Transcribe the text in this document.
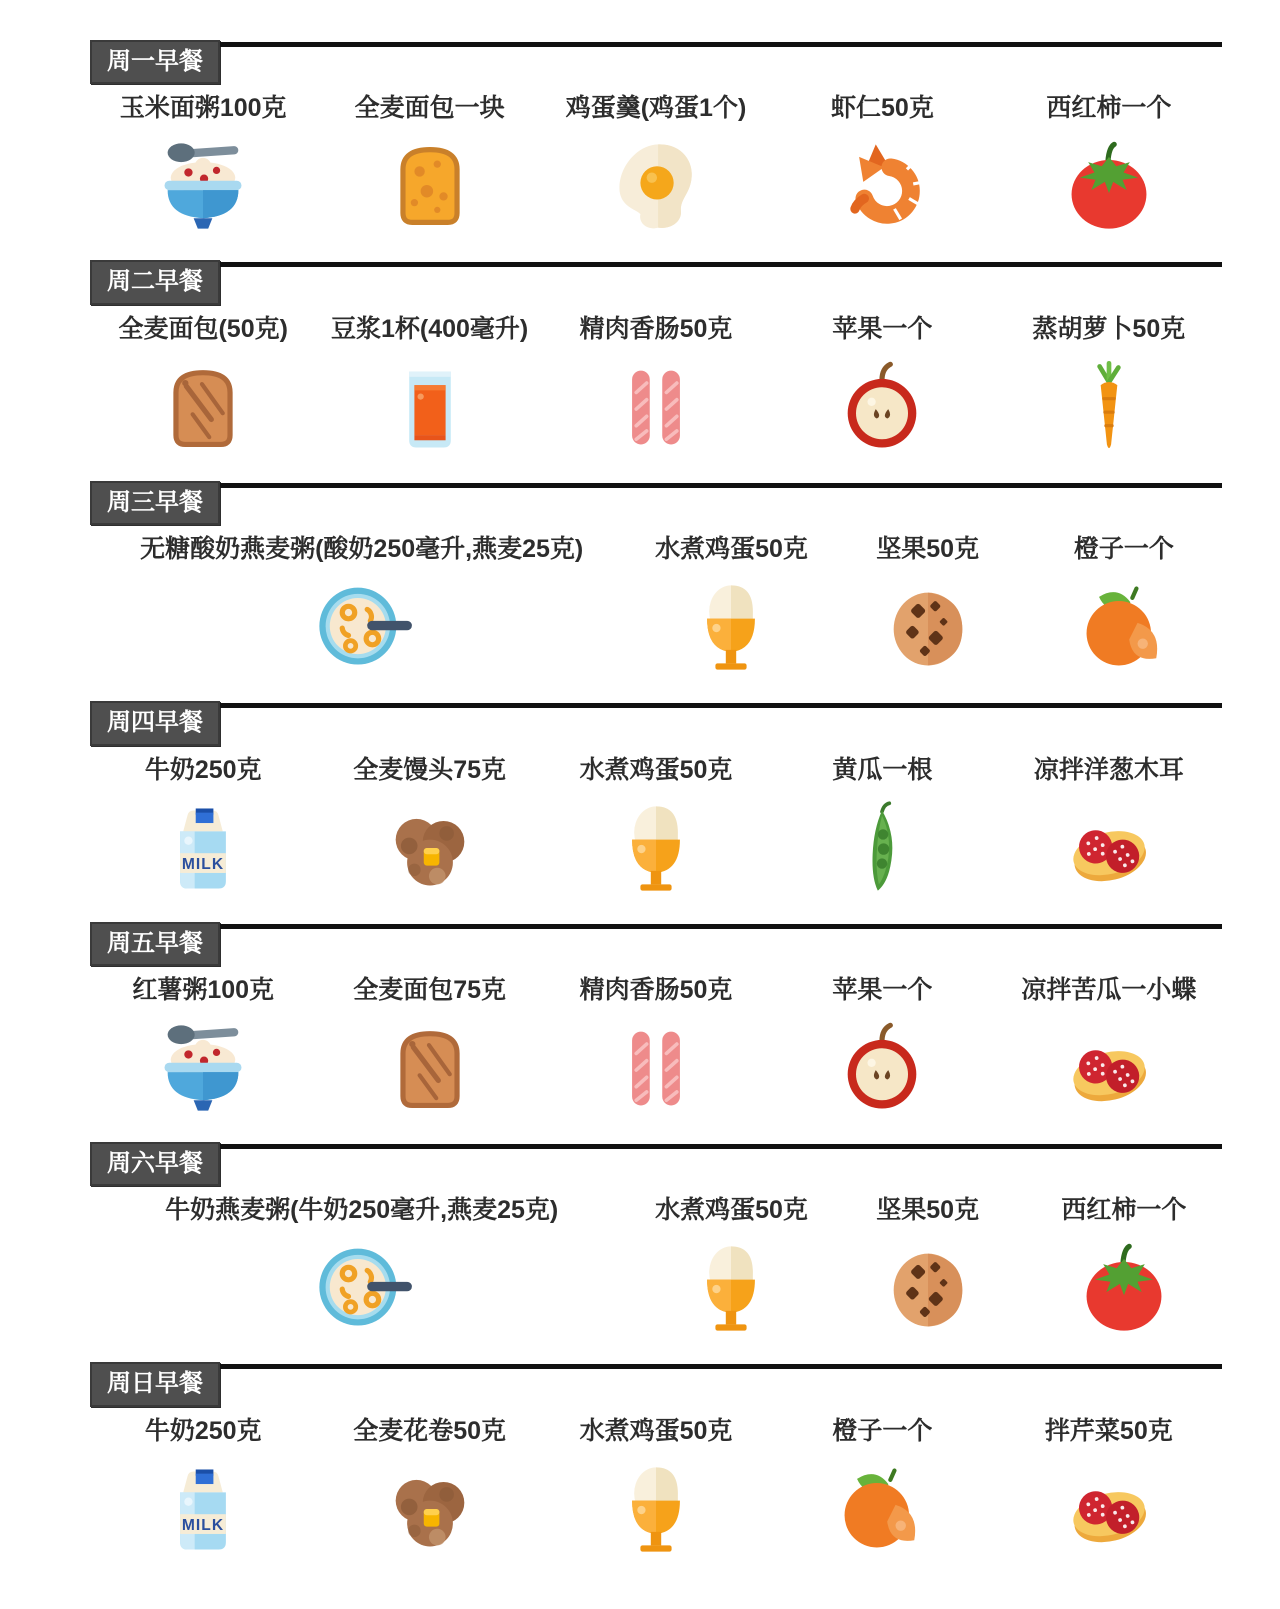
周一早餐
玉米面粥100克	全麦面包一块 鸡蛋羹(鸡蛋1个)	虾仁50克	西红柿一个
周二早餐
全麦面包(50克) 豆浆1杯(400毫升) 精肉香肠50克	苹果一个	蒸胡萝卜50克
周三早餐
无糖酸奶燕麦粥(酸奶250毫升,燕麦25克)	水煮鸡蛋50克	坚果50克	橙子一个
周四早餐
牛奶250克	全麦馒头75克	水煮鸡蛋50克	黄瓜一根	凉拌洋葱木耳
周五早餐
红薯粥100克	全麦面包75克	精肉香肠50克	苹果一个	凉拌苦瓜一小蝶
周六早餐
牛奶燕麦粥(牛奶250毫升,燕麦25克)	水煮鸡蛋50克	坚果50克	西红柿一个
周日早餐
牛奶250克	全麦花卷50克	水煮鸡蛋50克	橙子一个	拌芹菜50克
